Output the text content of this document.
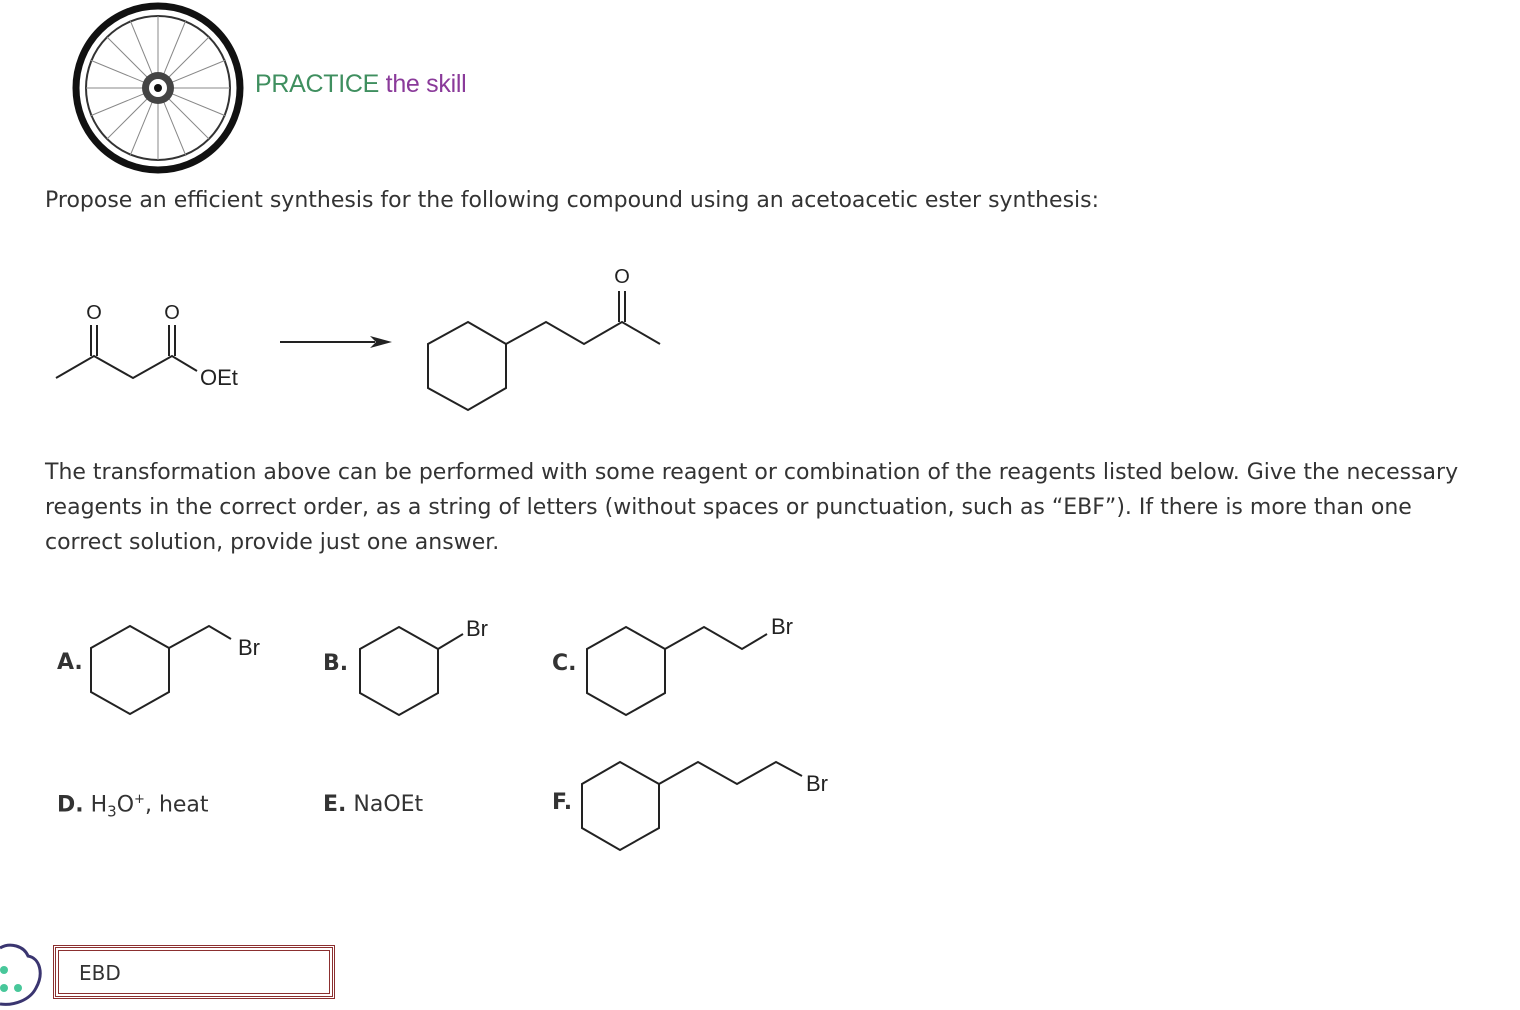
PRACTICE the skill
Propose an efficient synthesis for the following compound using an acetoacetic ester synthesis:
O	O
OEt
O
The transformation above can be performed with some reagent or combination of the reagents listed below. Give the necessary reagents in the correct order, as a string of letters (without spaces or punctuation, such as “EBF”). If there is more than one correct solution, provide just one answer.
A.
Br
B.
Br
C.
Br
D. $H_3O^+$, heat	E. NaOEt	F.
Br
EBD
